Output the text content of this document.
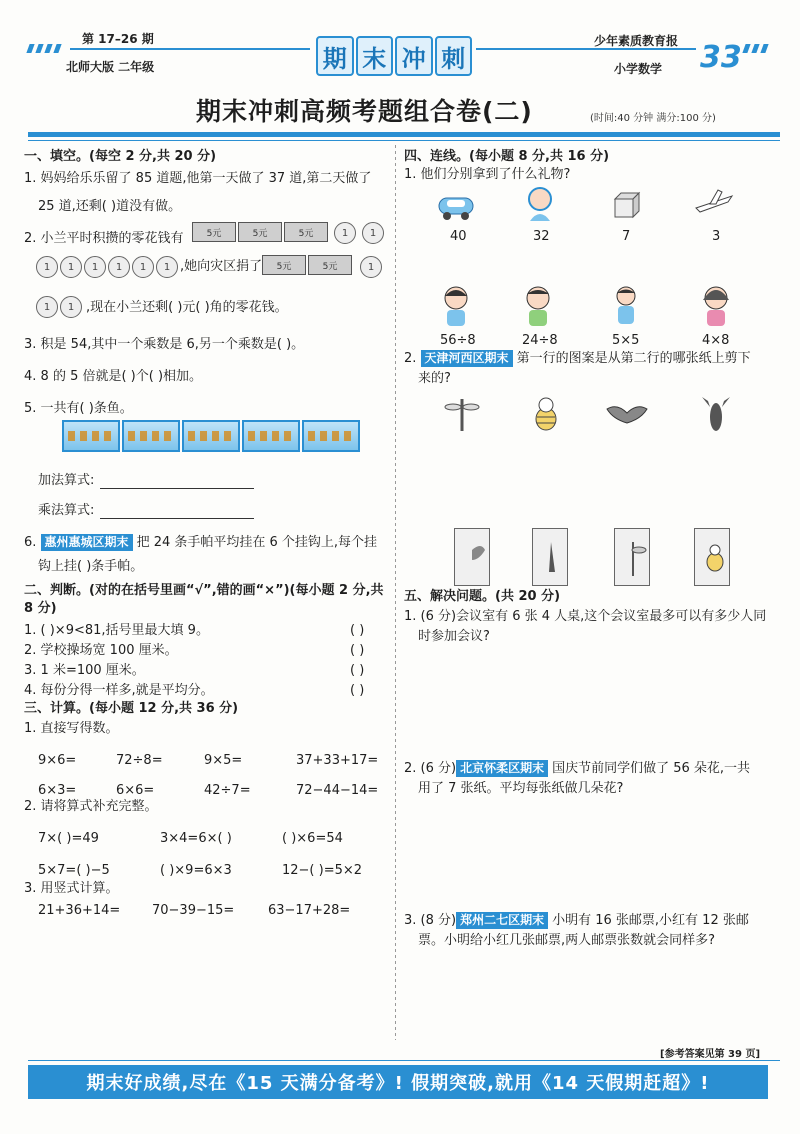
第 17–26 期
北师大版 二年级	期 末 冲 刺
少年素质教育报
小学数学 33
期末冲刺高频考题组合卷(二)	(时间:40 分钟 满分:100 分)
一、填空。(每空 2 分,共 20 分)
1. 妈妈给乐乐留了 85 道题,他第一天做了 37 道,第二天做了
25 道,还剩( )道没有做。
2. 小兰平时积攒的零花钱有	5元	5元	5元	1	1
1	1	1	1	1	1 ,她向灾区捐了	5元	5元	1
1	1 ,现在小兰还剩( )元( )角的零花钱。
3. 积是 54,其中一个乘数是 6,另一个乘数是( )。
4. 8 的 5 倍就是( )个( )相加。
5. 一共有( )条鱼。
加法算式:
乘法算式:
6. 惠州惠城区期末 把 24 条手帕平均挂在 6 个挂钩上,每个挂
钩上挂( )条手帕。
二、判断。(对的在括号里画“√”,错的画“×”)(每小题 2 分,共
8 分)
1. ( )×9<81,括号里最大填 9。	( )
2. 学校操场宽 100 厘米。	( )
3. 1 米=100 厘米。	( )
4. 每份分得一样多,就是平均分。	( )
三、计算。(每小题 12 分,共 36 分)
1. 直接写得数。
9×6=	72÷8=	9×5=	37+33+17=
6×3=	6×6=	42÷7=	72−44−14=
2. 请将算式补充完整。
7×( )=49	3×4=6×( )	( )×6=54
5×7=( )−5	( )×9=6×3	12−( )=5×2
3. 用竖式计算。
21+36+14= 70−39−15=	63−17+28=
四、连线。(每小题 8 分,共 16 分)
1. 他们分别拿到了什么礼物?
40	32	7	3
56÷8	24÷8	5×5	4×8
2. 天津河西区期末 第一行的图案是从第二行的哪张纸上剪下
来的?
五、解决问题。(共 20 分)
1. (6 分)会议室有 6 张 4 人桌,这个会议室最多可以有多少人同
时参加会议?
2. (6 分) 北京怀柔区期末 国庆节前同学们做了 56 朵花,一共
用了 7 张纸。平均每张纸做几朵花?
3. (8 分) 郑州二七区期末 小明有 16 张邮票,小红有 12 张邮
票。小明给小红几张邮票,两人邮票张数就会同样多?
[参考答案见第 39 页]
期末好成绩,尽在《15 天满分备考》! 假期突破,就用《14 天假期赶超》!
